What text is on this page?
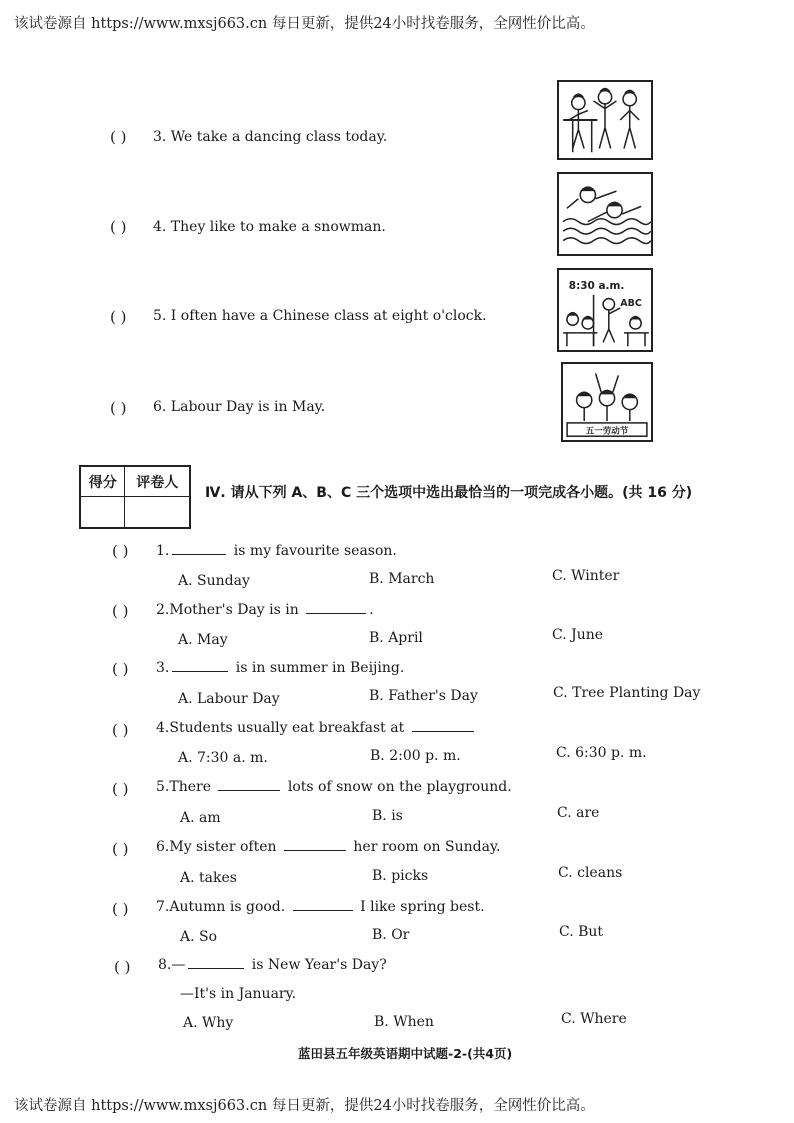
该试卷源自 https://www.mxsj663.cn 每日更新，提供24小时找卷服务，全网性价比高。
( ) 3. We take a dancing class today.
( ) 4. They like to make a snowman.
( ) 5. I often have a Chinese class at eight o'clock.
( ) 6. Labour Day is in May.
8:30 a.m.
ABC
五一劳动节
得分	评卷人

Ⅳ. 请从下列 A、B、C 三个选项中选出最恰当的一项完成各小题。(共 16 分)
( ) 1.	is my favourite season.
A. Sunday	B. March	C. Winter
( ) 2.Mother's Day is in	.
A. May	B. April	C. June
( ) 3.	is in summer in Beijing.
A. Labour Day	B. Father's Day	C. Tree Planting Day
( ) 4.Students usually eat breakfast at
A. 7:30 a. m.	B. 2:00 p. m.	C. 6:30 p. m.
( ) 5.There	lots of snow on the playground.
A. am	B. is	C. are
( ) 6.My sister often	her room on Sunday.
A. takes	B. picks	C. cleans
( ) 7.Autumn is good.	I like spring best.
A. So	B. Or	C. But
( ) 8.—	is New Year's Day?
—It's in January.
A. Why	B. When	C. Where
蓝田县五年级英语期中试题-2-(共4页)
该试卷源自 https://www.mxsj663.cn 每日更新，提供24小时找卷服务，全网性价比高。
